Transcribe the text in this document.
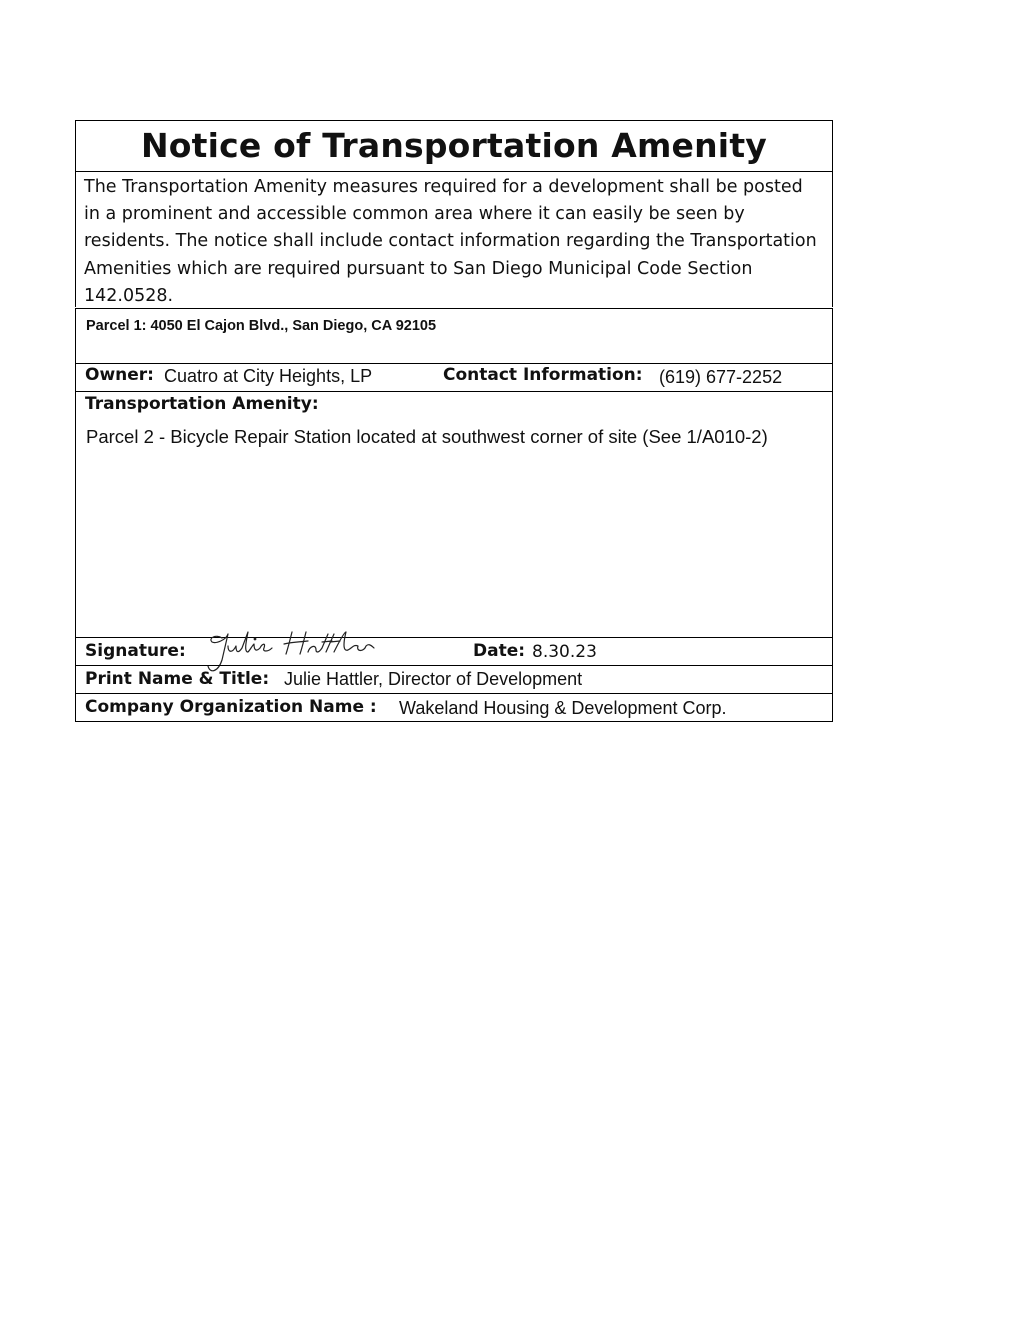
Notice of Transportation Amenity
The Transportation Amenity measures required for a development shall be posted in a prominent and accessible common area where it can easily be seen by residents. The notice shall include contact information regarding the Transportation Amenities which are required pursuant to San Diego Municipal Code Section 142.0528.
Parcel 1: 4050 El Cajon Blvd., San Diego, CA 92105
Owner: Cuatro at City Heights, LP	Contact Information: (619) 677-2252
Transportation Amenity:
Parcel 2 - Bicycle Repair Station located at southwest corner of site (See 1/A010-2)
Signature:	Date: 8.30.23
Print Name & Title: Julie Hattler, Director of Development
Company Organization Name : Wakeland Housing & Development Corp.
